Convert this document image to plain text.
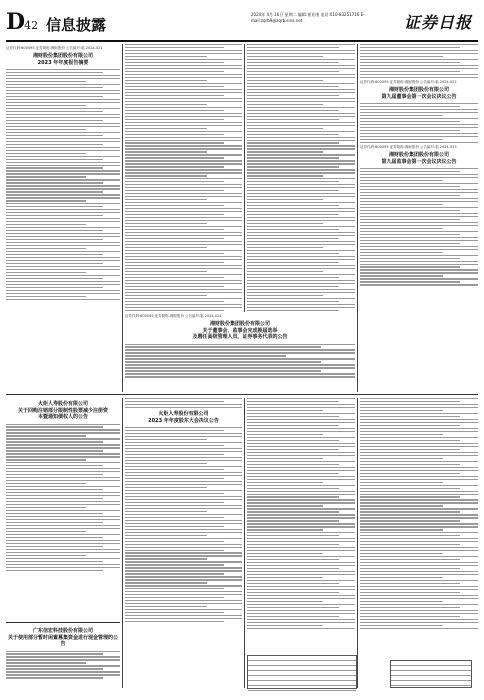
D42 信息披露
2024年 4月 16日 星期二 编辑:崔亚康 电话:010-83251716 E-mail:zqrb9@zqrb.sina.net	证券日报
证券代码:600095 证券简称:湘财股份 公告编号:临 2024-021
湘财股份集团股份有限公司
2023 年年度报告摘要
证券代码:600095 证券简称:湘财股份 公告编号:临 2024-022
湘财股份集团股份有限公司
第九届董事会第一次会议决议公告
证券代码:600095 证券简称:湘财股份 公告编号:临 2024-023
湘财股份集团股份有限公司
第九届监事会第一次会议决议公告
证券代码:600095 证券简称:湘财股份 公告编号:临 2024-024
湘财股份集团股份有限公司
关于董事会、监事会完成换届选举
及聘任高级管理人员、证券事务代表的公告
火炬人寿股份有限公司
关于回购注销部分限制性股票减少注册资
本暨通知债权人的公告	火炬人寿股份有限公司
2023 年年度股东大会决议公告
广东信宏科技股份有限公司
关于使用部分暂时闲置募集资金进行现金管理的公告
